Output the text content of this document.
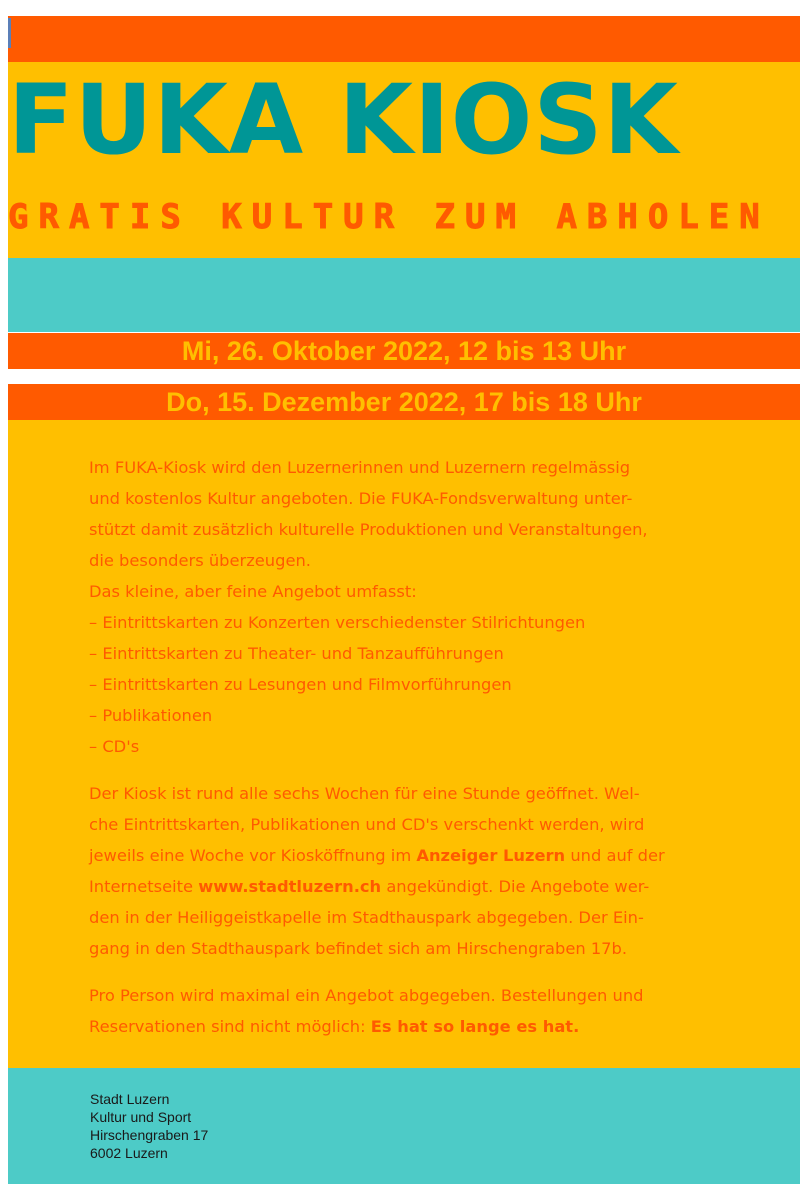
FUKA KIOSK
GRATIS KULTUR ZUM ABHOLEN
Mi, 26. Oktober 2022, 12 bis 13 Uhr
Do, 15. Dezember 2022, 17 bis 18 Uhr

Im FUKA-Kiosk wird den Luzernerinnen und Luzernern regelmässig

und kostenlos Kultur angeboten. Die FUKA-Fondsverwaltung unter-

stützt damit zusätzlich kulturelle Produktionen und Veranstaltungen,

die besonders überzeugen.

Das kleine, aber feine Angebot umfasst:

– Eintrittskarten zu Konzerten verschiedenster Stilrichtungen
– Eintrittskarten zu Theater- und Tanzaufführungen
– Eintrittskarten zu Lesungen und Filmvorführungen
– Publikationen
– CD's

Der Kiosk ist rund alle sechs Wochen für eine Stunde geöffnet. Wel-

che Eintrittskarten, Publikationen und CD's verschenkt werden, wird

jeweils eine Woche vor Kiosköffnung im Anzeiger Luzern und auf der

Internetseite www.stadtluzern.ch angekündigt. Die Angebote wer-

den in der Heiliggeistkapelle im Stadthauspark abgegeben. Der Ein-

gang in den Stadthauspark befindet sich am Hirschengraben 17b.

Pro Person wird maximal ein Angebot abgegeben. Bestellungen und

Reservationen sind nicht möglich: Es hat so lange es hat.

Stadt Luzern
Kultur und Sport
Hirschengraben 17
6002 Luzern
